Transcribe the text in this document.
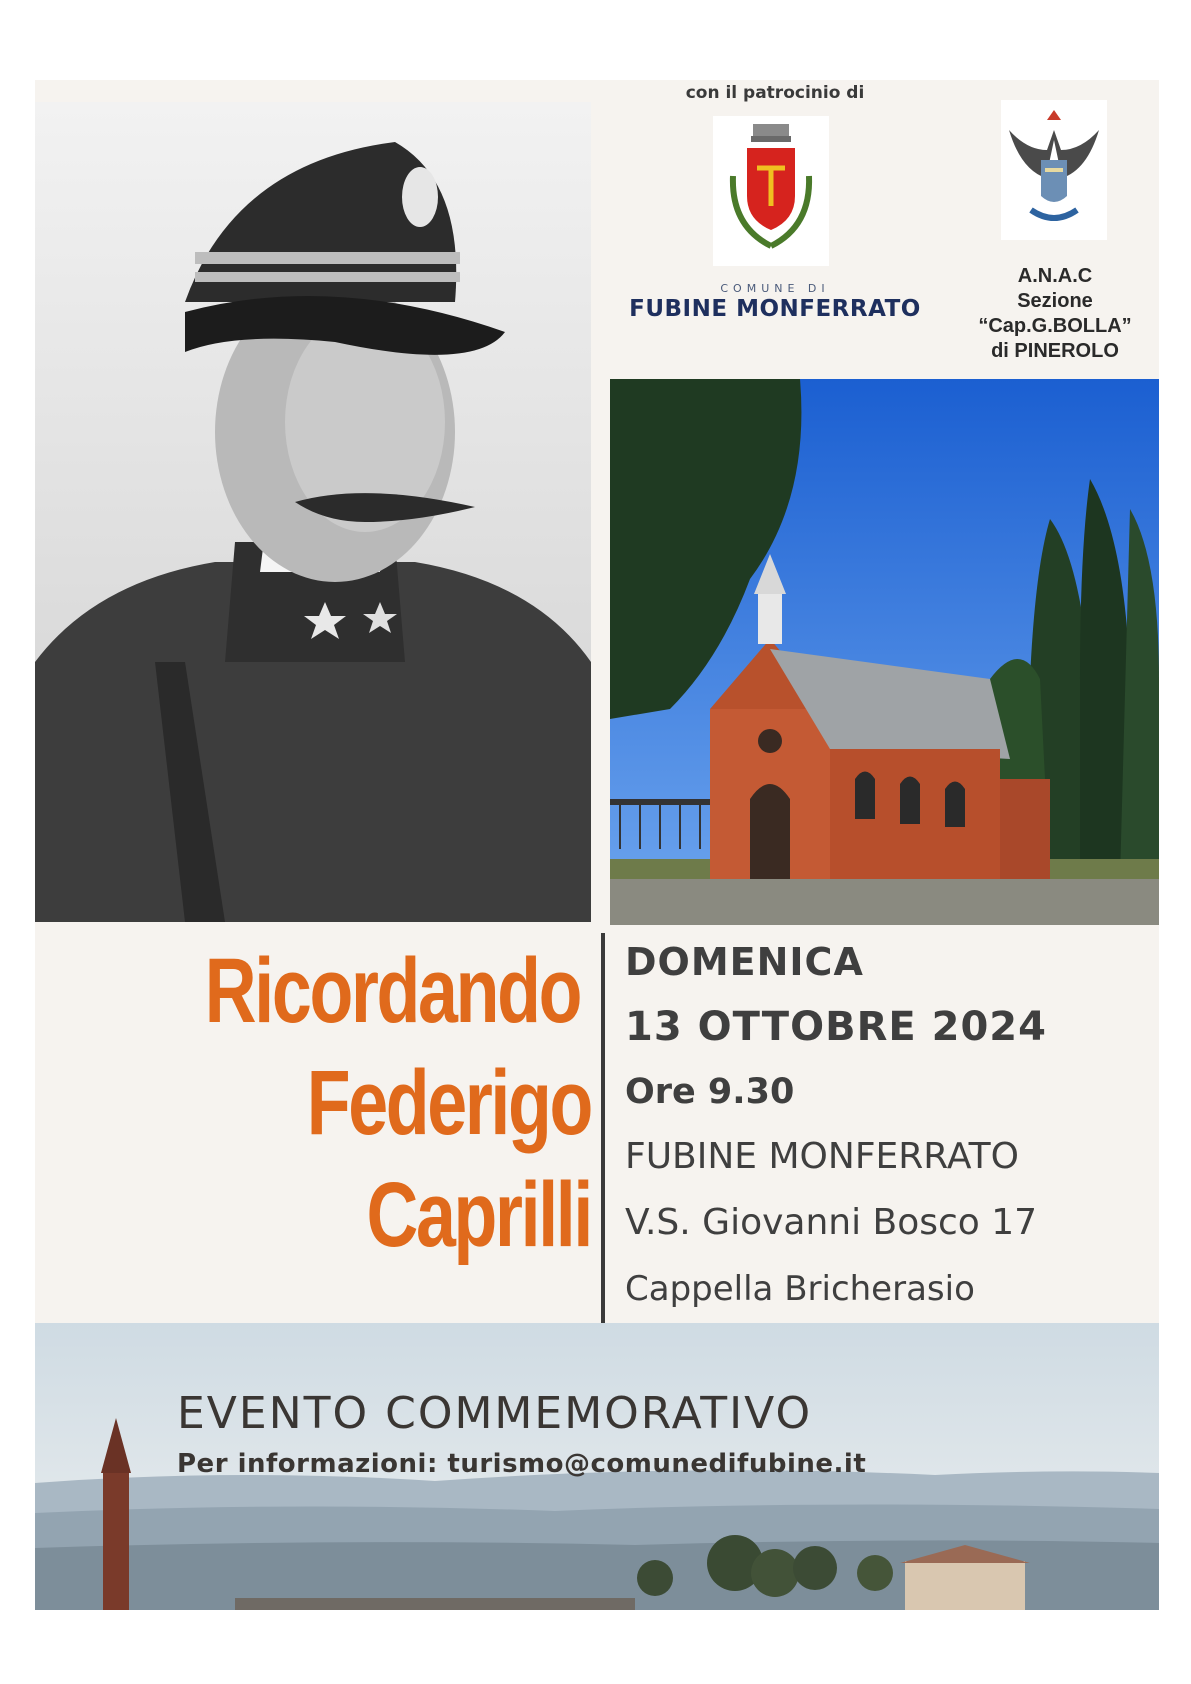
con il patrocinio di
COMUNE DI
FUBINE MONFERRATO
A.N.A.C
Sezione
“Cap.G.BOLLA”
di PINEROLO
Ricordando
Federigo
Caprilli
DOMENICA
13 OTTOBRE 2024
Ore 9.30
FUBINE MONFERRATO
V.S. Giovanni Bosco 17
Cappella Bricherasio
EVENTO COMMEMORATIVO
Per informazioni: turismo@comunedifubine.it
